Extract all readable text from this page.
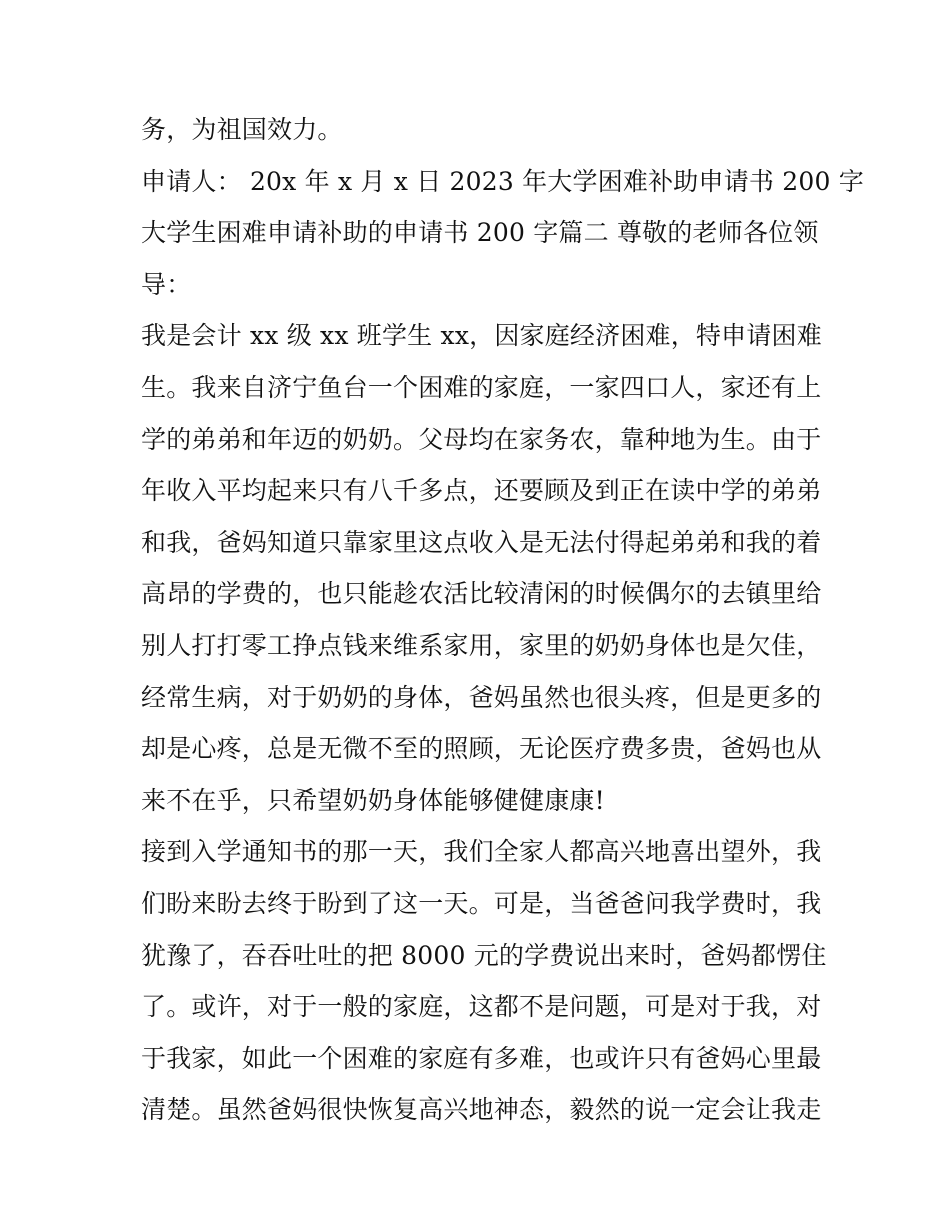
务，为祖国效力。
申请人： 20x 年 x 月 x 日 2023 年大学困难补助申请书 200 字
大学生困难申请补助的申请书 200 字篇二 尊敬的老师各位领
导：
我是会计 xx 级 xx 班学生 xx，因家庭经济困难，特申请困难
生。我来自济宁鱼台一个困难的家庭，一家四口人，家还有上
学的弟弟和年迈的奶奶。父母均在家务农，靠种地为生。由于
年收入平均起来只有八千多点，还要顾及到正在读中学的弟弟
和我，爸妈知道只靠家里这点收入是无法付得起弟弟和我的着
高昂的学费的，也只能趁农活比较清闲的时候偶尔的去镇里给
别人打打零工挣点钱来维系家用，家里的奶奶身体也是欠佳，
经常生病，对于奶奶的身体，爸妈虽然也很头疼，但是更多的
却是心疼，总是无微不至的照顾，无论医疗费多贵，爸妈也从
来不在乎，只希望奶奶身体能够健健康康!
接到入学通知书的那一天，我们全家人都高兴地喜出望外，我
们盼来盼去终于盼到了这一天。可是，当爸爸问我学费时，我
犹豫了，吞吞吐吐的把 8000 元的学费说出来时，爸妈都愣住
了。或许，对于一般的家庭，这都不是问题，可是对于我，对
于我家，如此一个困难的家庭有多难，也或许只有爸妈心里最
清楚。虽然爸妈很快恢复高兴地神态，毅然的说一定会让我走
